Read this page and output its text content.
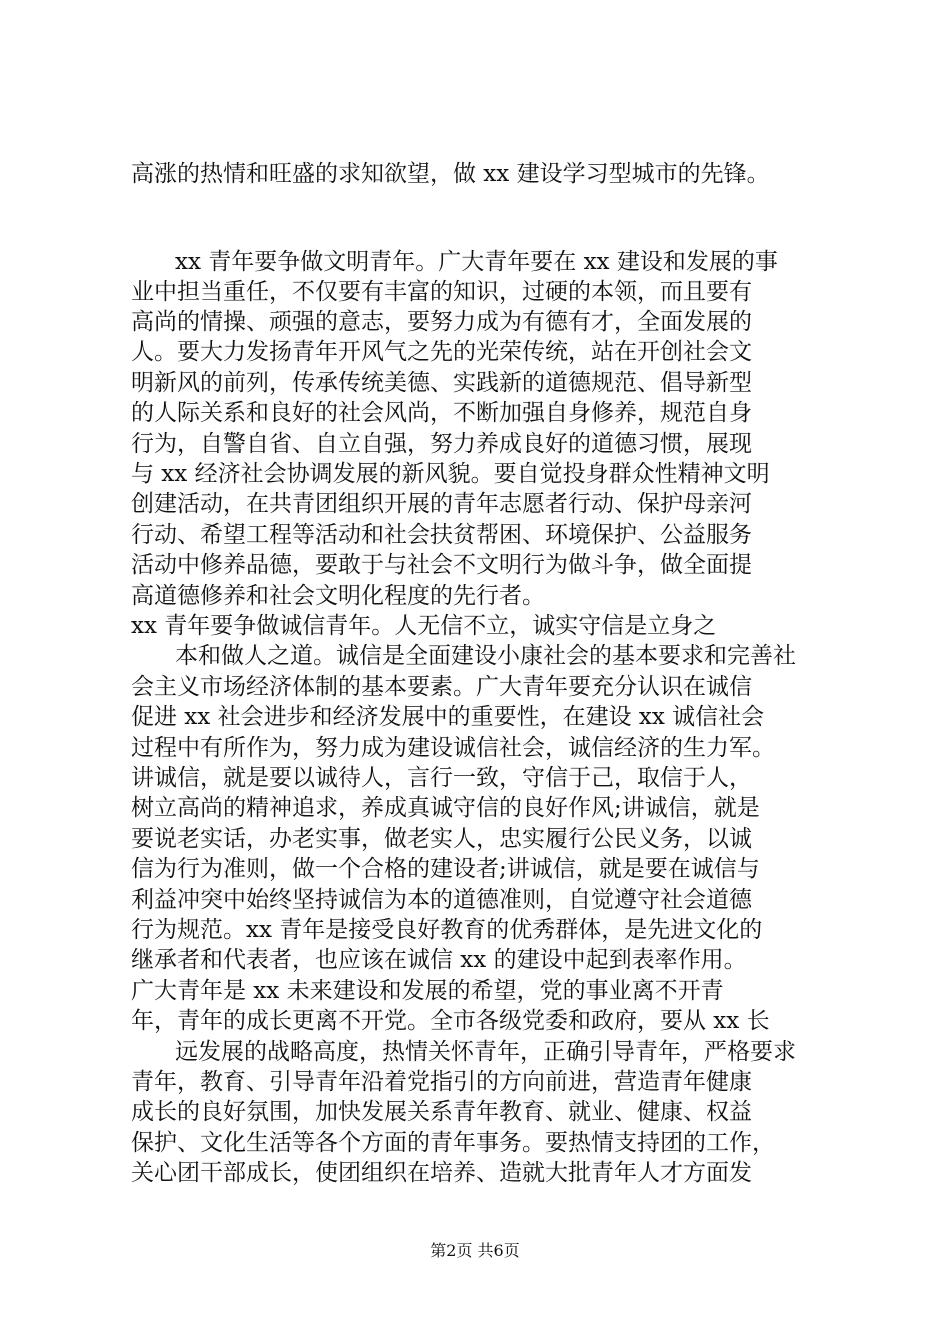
高涨的热情和旺盛的求知欲望，做 xx 建设学习型城市的先锋。
xx 青年要争做文明青年。广大青年要在 xx 建设和发展的事
业中担当重任，不仅要有丰富的知识，过硬的本领，而且要有
高尚的情操、顽强的意志，要努力成为有德有才，全面发展的
人。要大力发扬青年开风气之先的光荣传统，站在开创社会文
明新风的前列，传承传统美德、实践新的道德规范、倡导新型
的人际关系和良好的社会风尚，不断加强自身修养，规范自身
行为，自警自省、自立自强，努力养成良好的道德习惯，展现
与 xx 经济社会协调发展的新风貌。要自觉投身群众性精神文明
创建活动，在共青团组织开展的青年志愿者行动、保护母亲河
行动、希望工程等活动和社会扶贫帮困、环境保护、公益服务
活动中修养品德，要敢于与社会不文明行为做斗争，做全面提
高道德修养和社会文明化程度的先行者。
xx 青年要争做诚信青年。人无信不立，诚实守信是立身之
本和做人之道。诚信是全面建设小康社会的基本要求和完善社
会主义市场经济体制的基本要素。广大青年要充分认识在诚信
促进 xx 社会进步和经济发展中的重要性，在建设 xx 诚信社会
过程中有所作为，努力成为建设诚信社会，诚信经济的生力军。
讲诚信，就是要以诚待人，言行一致，守信于己，取信于人，
树立高尚的精神追求，养成真诚守信的良好作风;讲诚信，就是
要说老实话，办老实事，做老实人，忠实履行公民义务，以诚
信为行为准则，做一个合格的建设者;讲诚信，就是要在诚信与
利益冲突中始终坚持诚信为本的道德准则，自觉遵守社会道德
行为规范。xx 青年是接受良好教育的优秀群体，是先进文化的
继承者和代表者，也应该在诚信 xx 的建设中起到表率作用。
广大青年是 xx 未来建设和发展的希望，党的事业离不开青
年，青年的成长更离不开党。全市各级党委和政府，要从 xx 长
远发展的战略高度，热情关怀青年，正确引导青年，严格要求
青年，教育、引导青年沿着党指引的方向前进，营造青年健康
成长的良好氛围，加快发展关系青年教育、就业、健康、权益
保护、文化生活等各个方面的青年事务。要热情支持团的工作，
关心团干部成长，使团组织在培养、造就大批青年人才方面发
第2页 共6页
